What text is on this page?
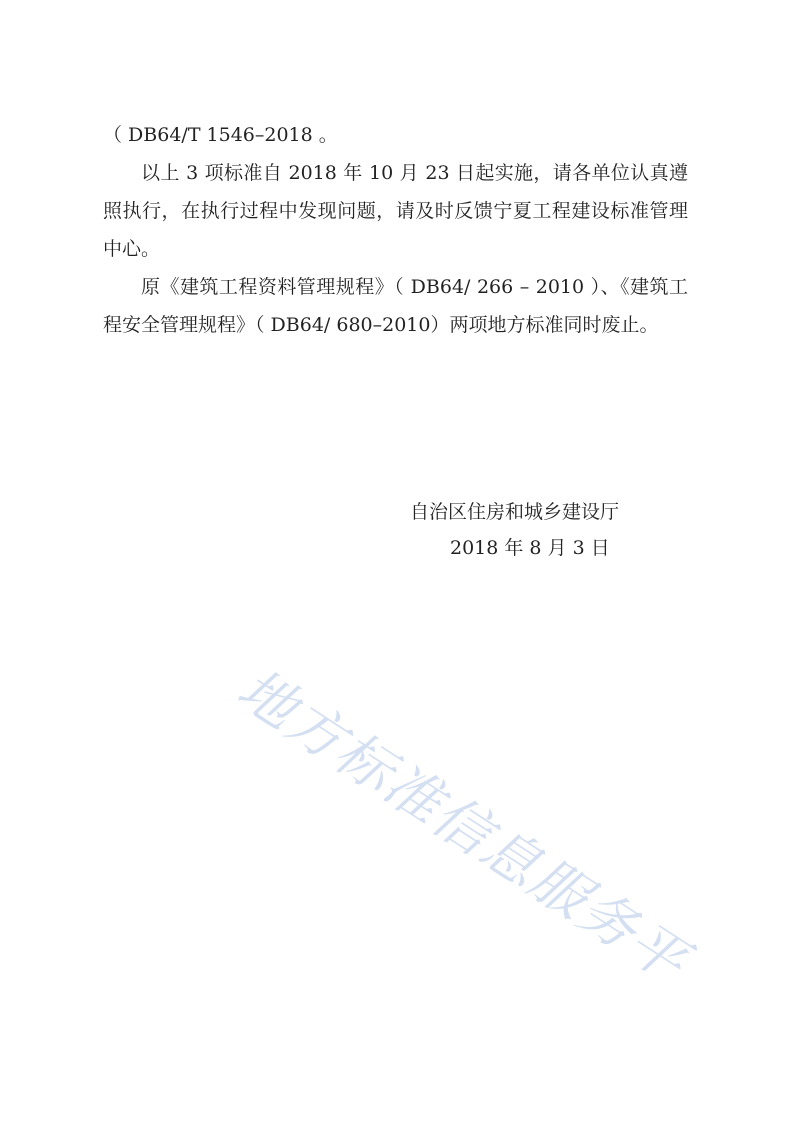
（ DB64/T 1546–2018 。

以上 3 项标准自 2018 年 10 月 23 日起实施，请各单位认真遵照执行，在执行过程中发现问题，请及时反馈宁夏工程建设标准管理中心。

原《建筑工程资料管理规程》（ DB64/ 266 – 2010 ）、《建筑工程安全管理规程》（ DB64/ 680–2010）两项地方标准同时废止。

自治区住房和城乡建设厅
2018 年 8 月 3 日
地方标准信息服务平
